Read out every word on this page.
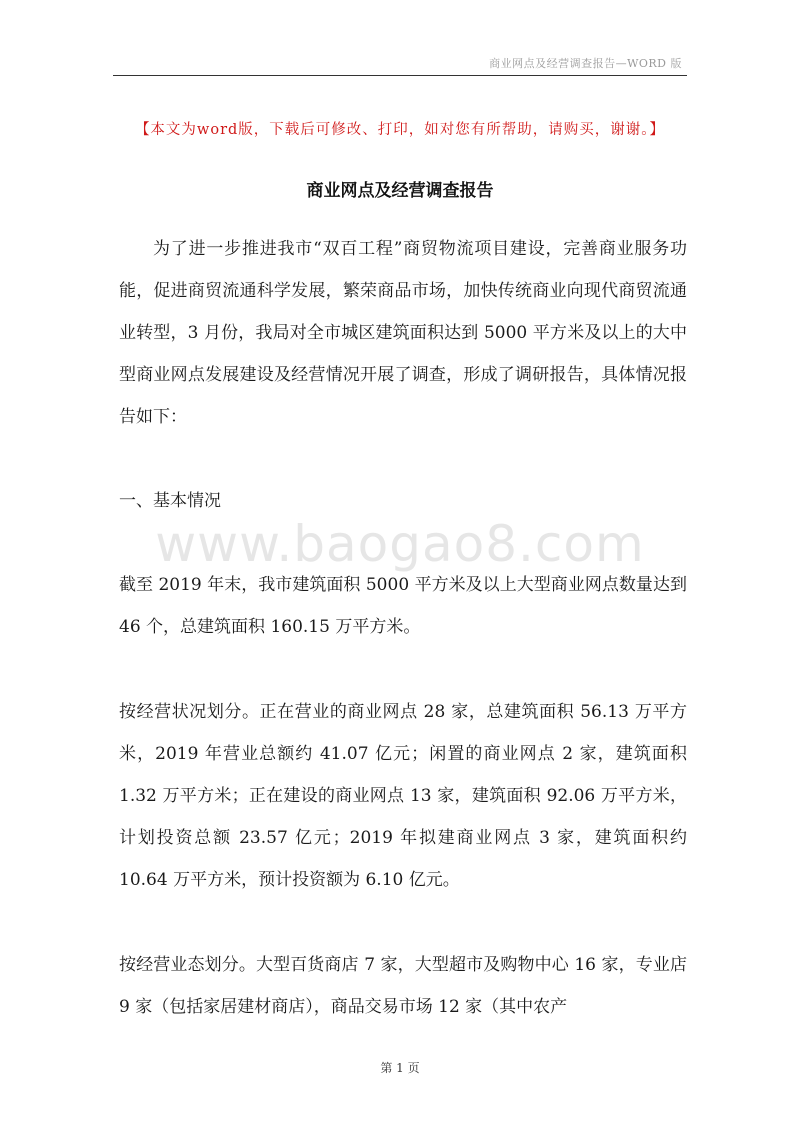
商业网点及经营调查报告—WORD 版
【本文为word版，下载后可修改、打印，如对您有所帮助，请购买，谢谢。】
商业网点及经营调查报告

为了进一步推进我市“双百工程”商贸物流项目建设，完善商业服务功能，促进商贸流通科学发展，繁荣商品市场，加快传统商业向现代商贸流通业转型，3 月份，我局对全市城区建筑面积达到 5000 平方米及以上的大中型商业网点发展建设及经营情况开展了调查，形成了调研报告，具体情况报告如下：

一、基本情况

www.baogao8.com

截至 2019 年末，我市建筑面积 5000 平方米及以上大型商业网点数量达到 46 个，总建筑面积 160.15 万平方米。

按经营状况划分。正在营业的商业网点 28 家，总建筑面积 56.13 万平方米，2019 年营业总额约 41.07 亿元；闲置的商业网点 2 家，建筑面积 1.32 万平方米；正在建设的商业网点 13 家，建筑面积 92.06 万平方米，计划投资总额 23.57 亿元；2019 年拟建商业网点 3 家，建筑面积约 10.64 万平方米，预计投资额为 6.10 亿元。

按经营业态划分。大型百货商店 7 家，大型超市及购物中心 16 家，专业店 9 家（包括家居建材商店），商品交易市场 12 家（其中农产

第 1 页
